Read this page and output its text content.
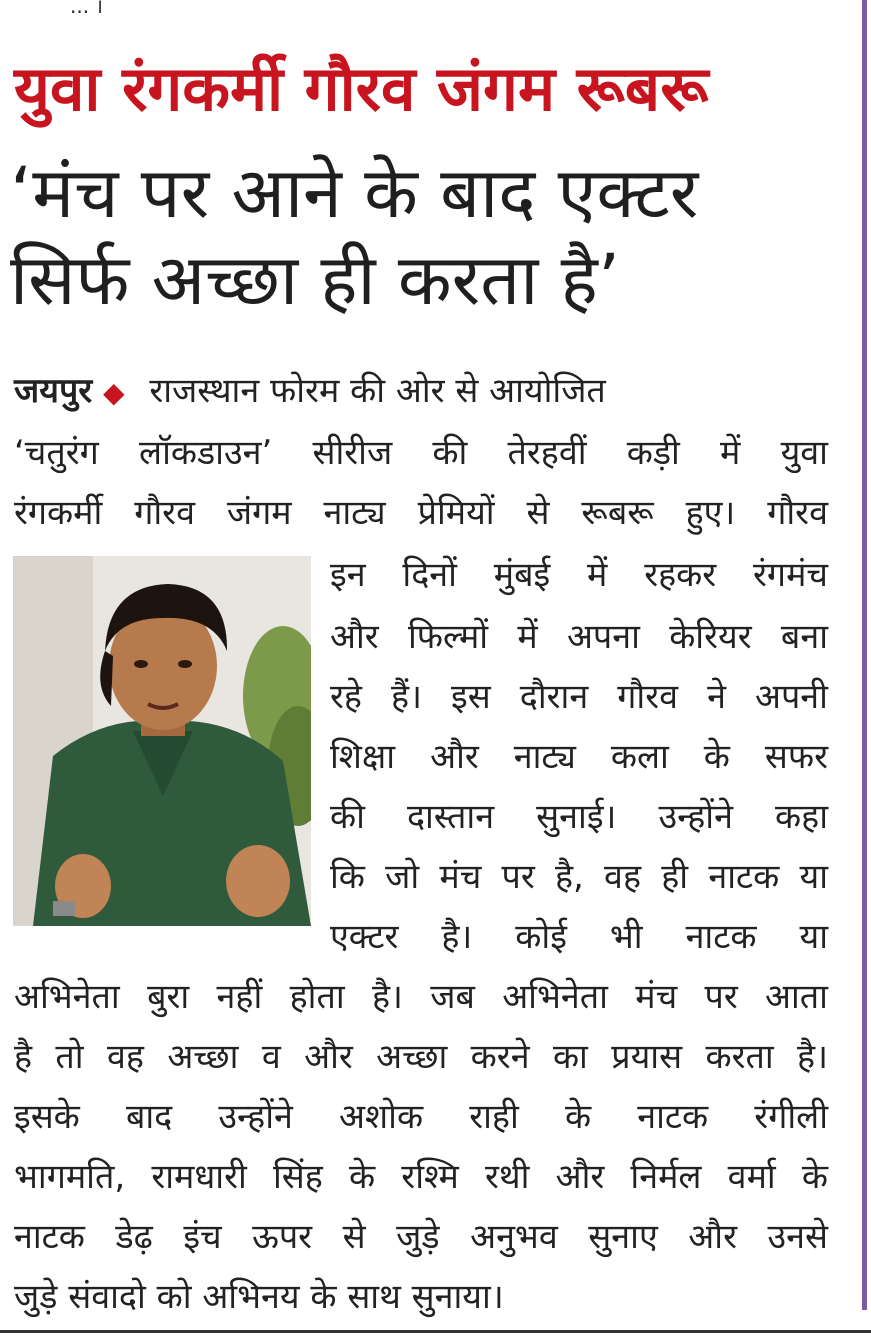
... ।
युवा रंगकर्मी गौरव जंगम रूबरू
‘मंच पर आने के बाद एक्टर
सिर्फ अच्छा ही करता है’
जयपुर ◆ राजस्थान फोरम की ओर से आयोजित
‘चतुरंग लॉकडाउन’ सीरीज की तेरहवीं कड़ी में युवा
रंगकर्मी गौरव जंगम नाट्य प्रेमियों से रूबरू हुए। गौरव
इन दिनों मुंबई में रहकर रंगमंच
और फिल्मों में अपना केरियर बना
रहे हैं। इस दौरान गौरव ने अपनी
शिक्षा और नाट्य कला के सफर
की दास्तान सुनाई। उन्होंने कहा
कि जो मंच पर है, वह ही नाटक या
एक्टर है। कोई भी नाटक या
अभिनेता बुरा नहीं होता है। जब अभिनेता मंच पर आता
है तो वह अच्छा व और अच्छा करने का प्रयास करता है।
इसके बाद उन्होंने अशोक राही के नाटक रंगीली
भागमति, रामधारी सिंह के रश्मि रथी और निर्मल वर्मा के
नाटक डेढ़ इंच ऊपर से जुड़े अनुभव सुनाए और उनसे
जुड़े संवादो को अभिनय के साथ सुनाया।
